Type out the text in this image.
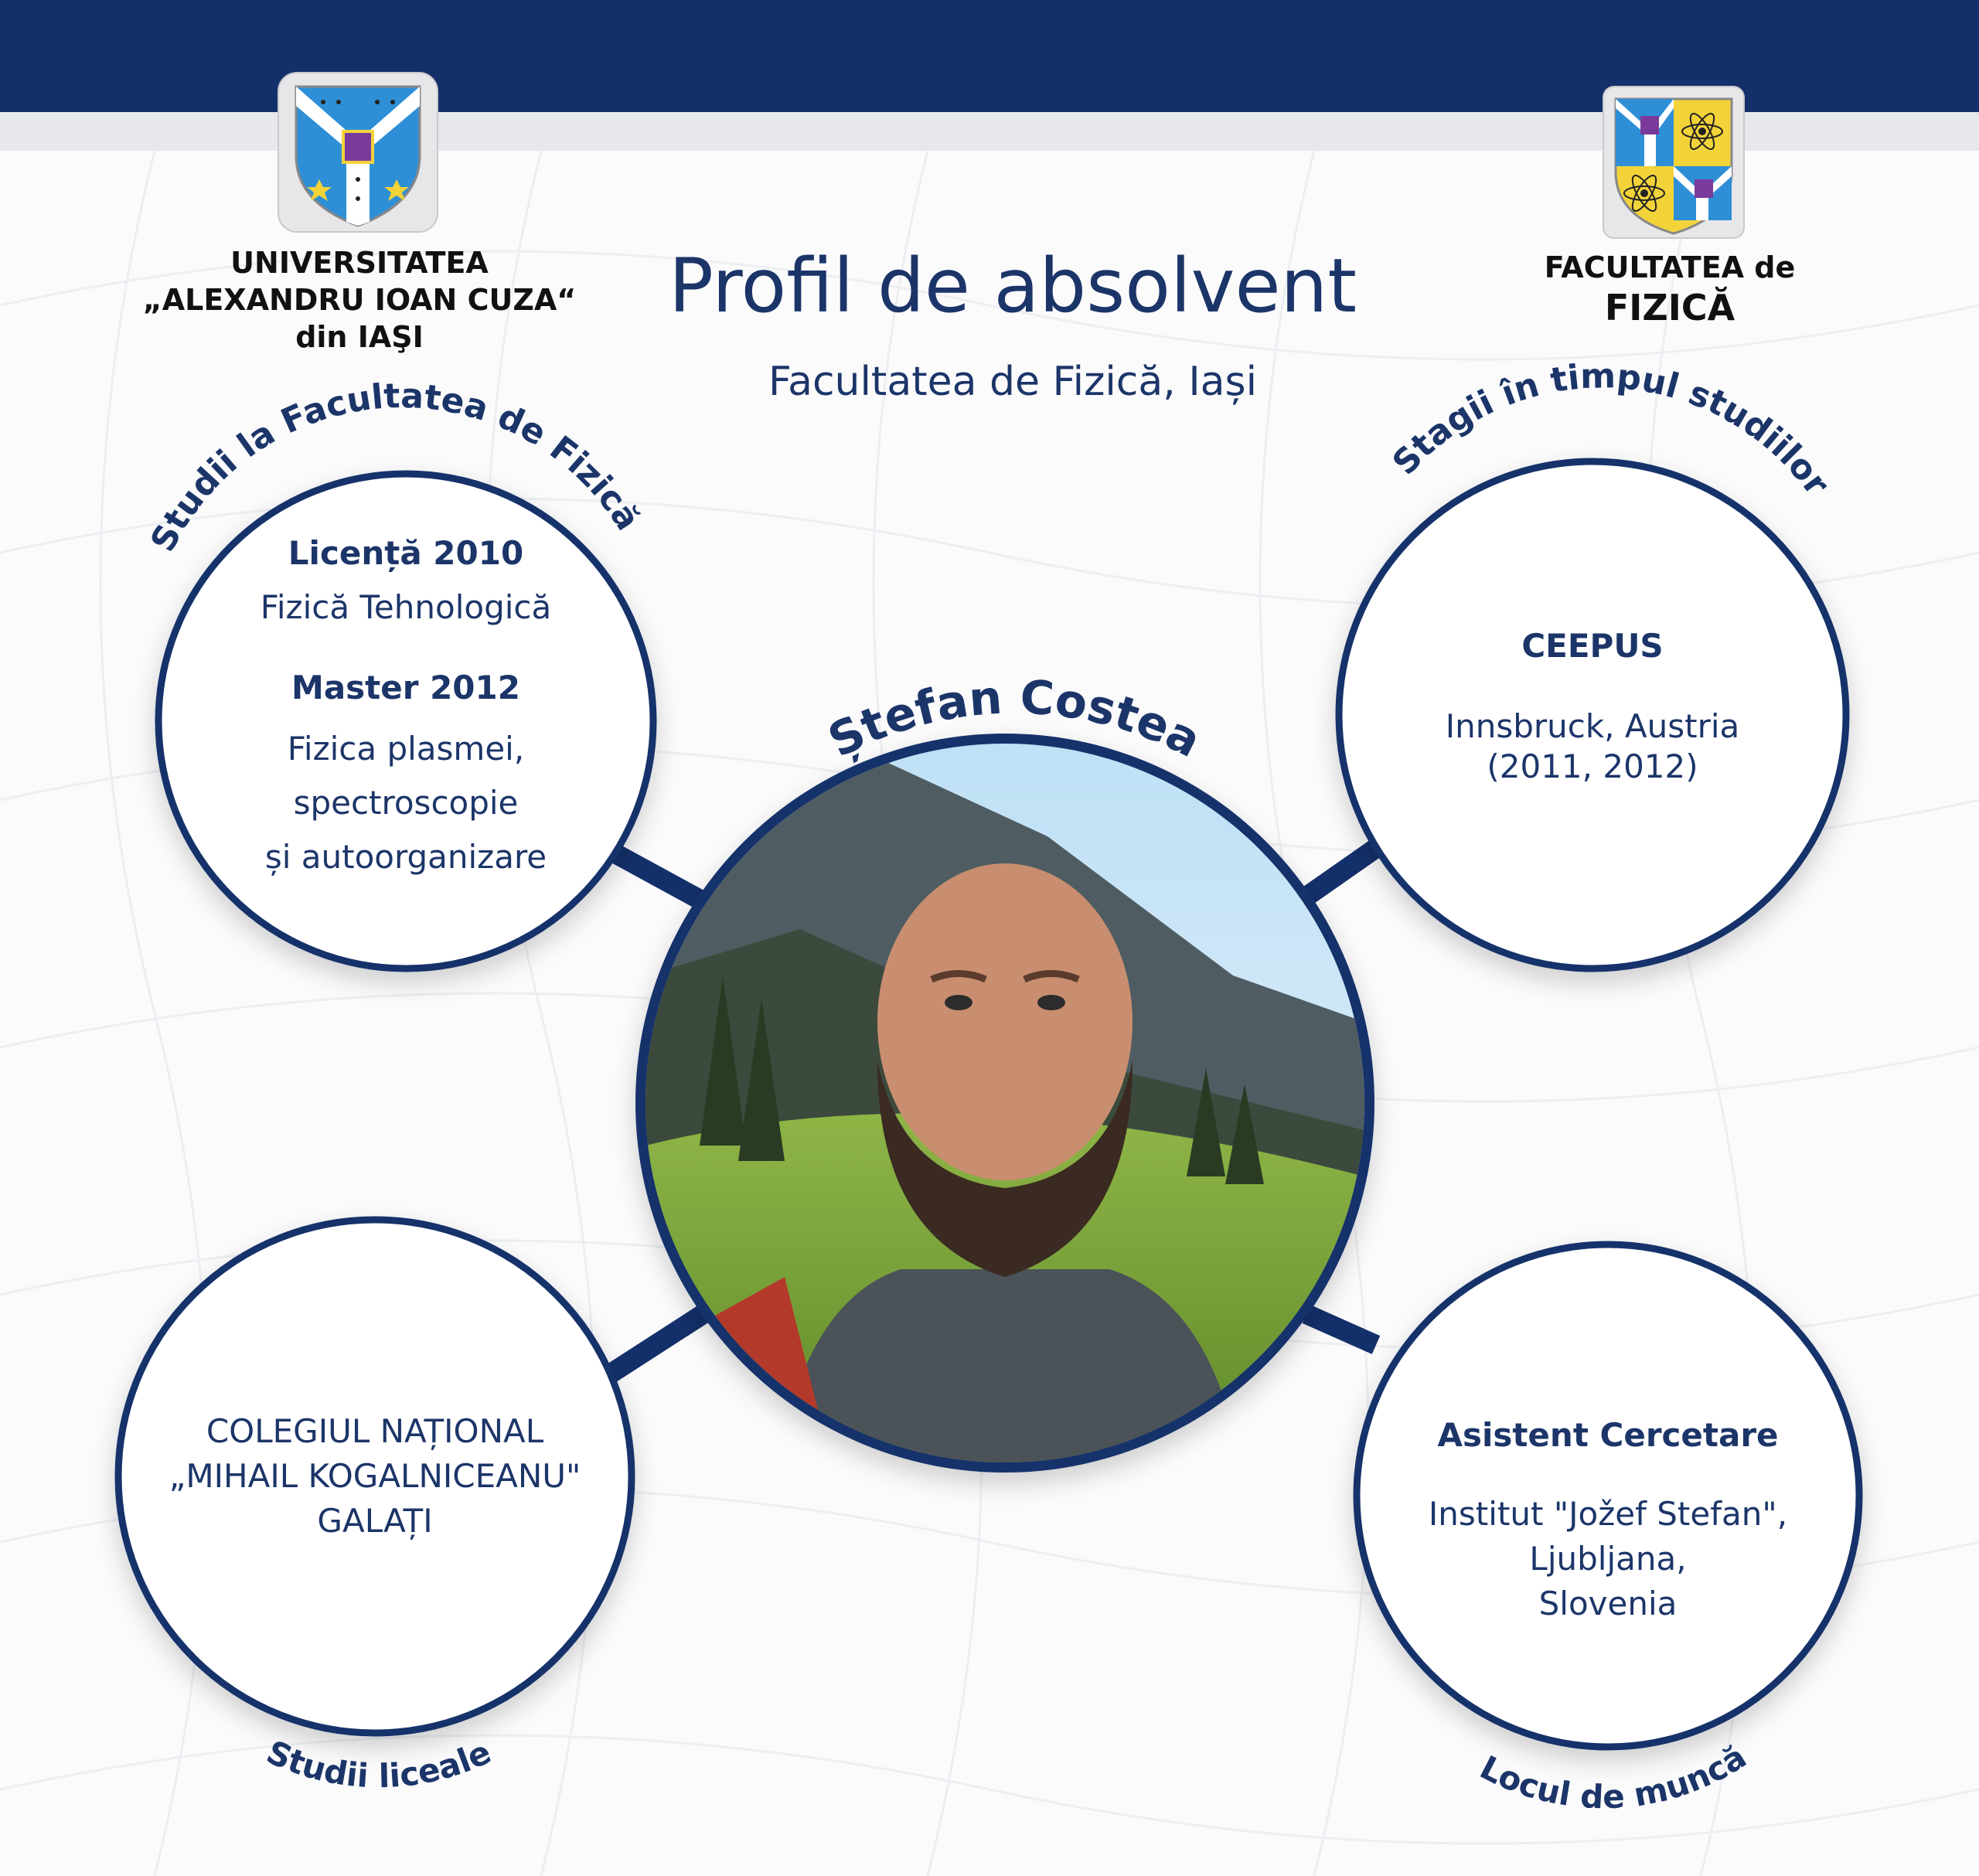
UNIVERSITATEA
„ALEXANDRU IOAN CUZA“
din IAŞI
FACULTATEA de
FIZICĂ
Profil de absolvent
Facultatea de Fizică, Iași
Studii la Facultatea de Fizică
Stagii în timpul studiilor
Studii liceale	Locul de muncă
Ștefan Costea
Licență 2010
Fizică Tehnologică
Master 2012
Fizica plasmei,
spectroscopie
și autoorganizare
CEEPUS
Innsbruck, Austria
(2011, 2012)
COLEGIUL NAȚIONAL
„MIHAIL KOGALNICEANU"
GALAȚI
Asistent Cercetare
Institut "Jožef Stefan",
Ljubljana,
Slovenia
